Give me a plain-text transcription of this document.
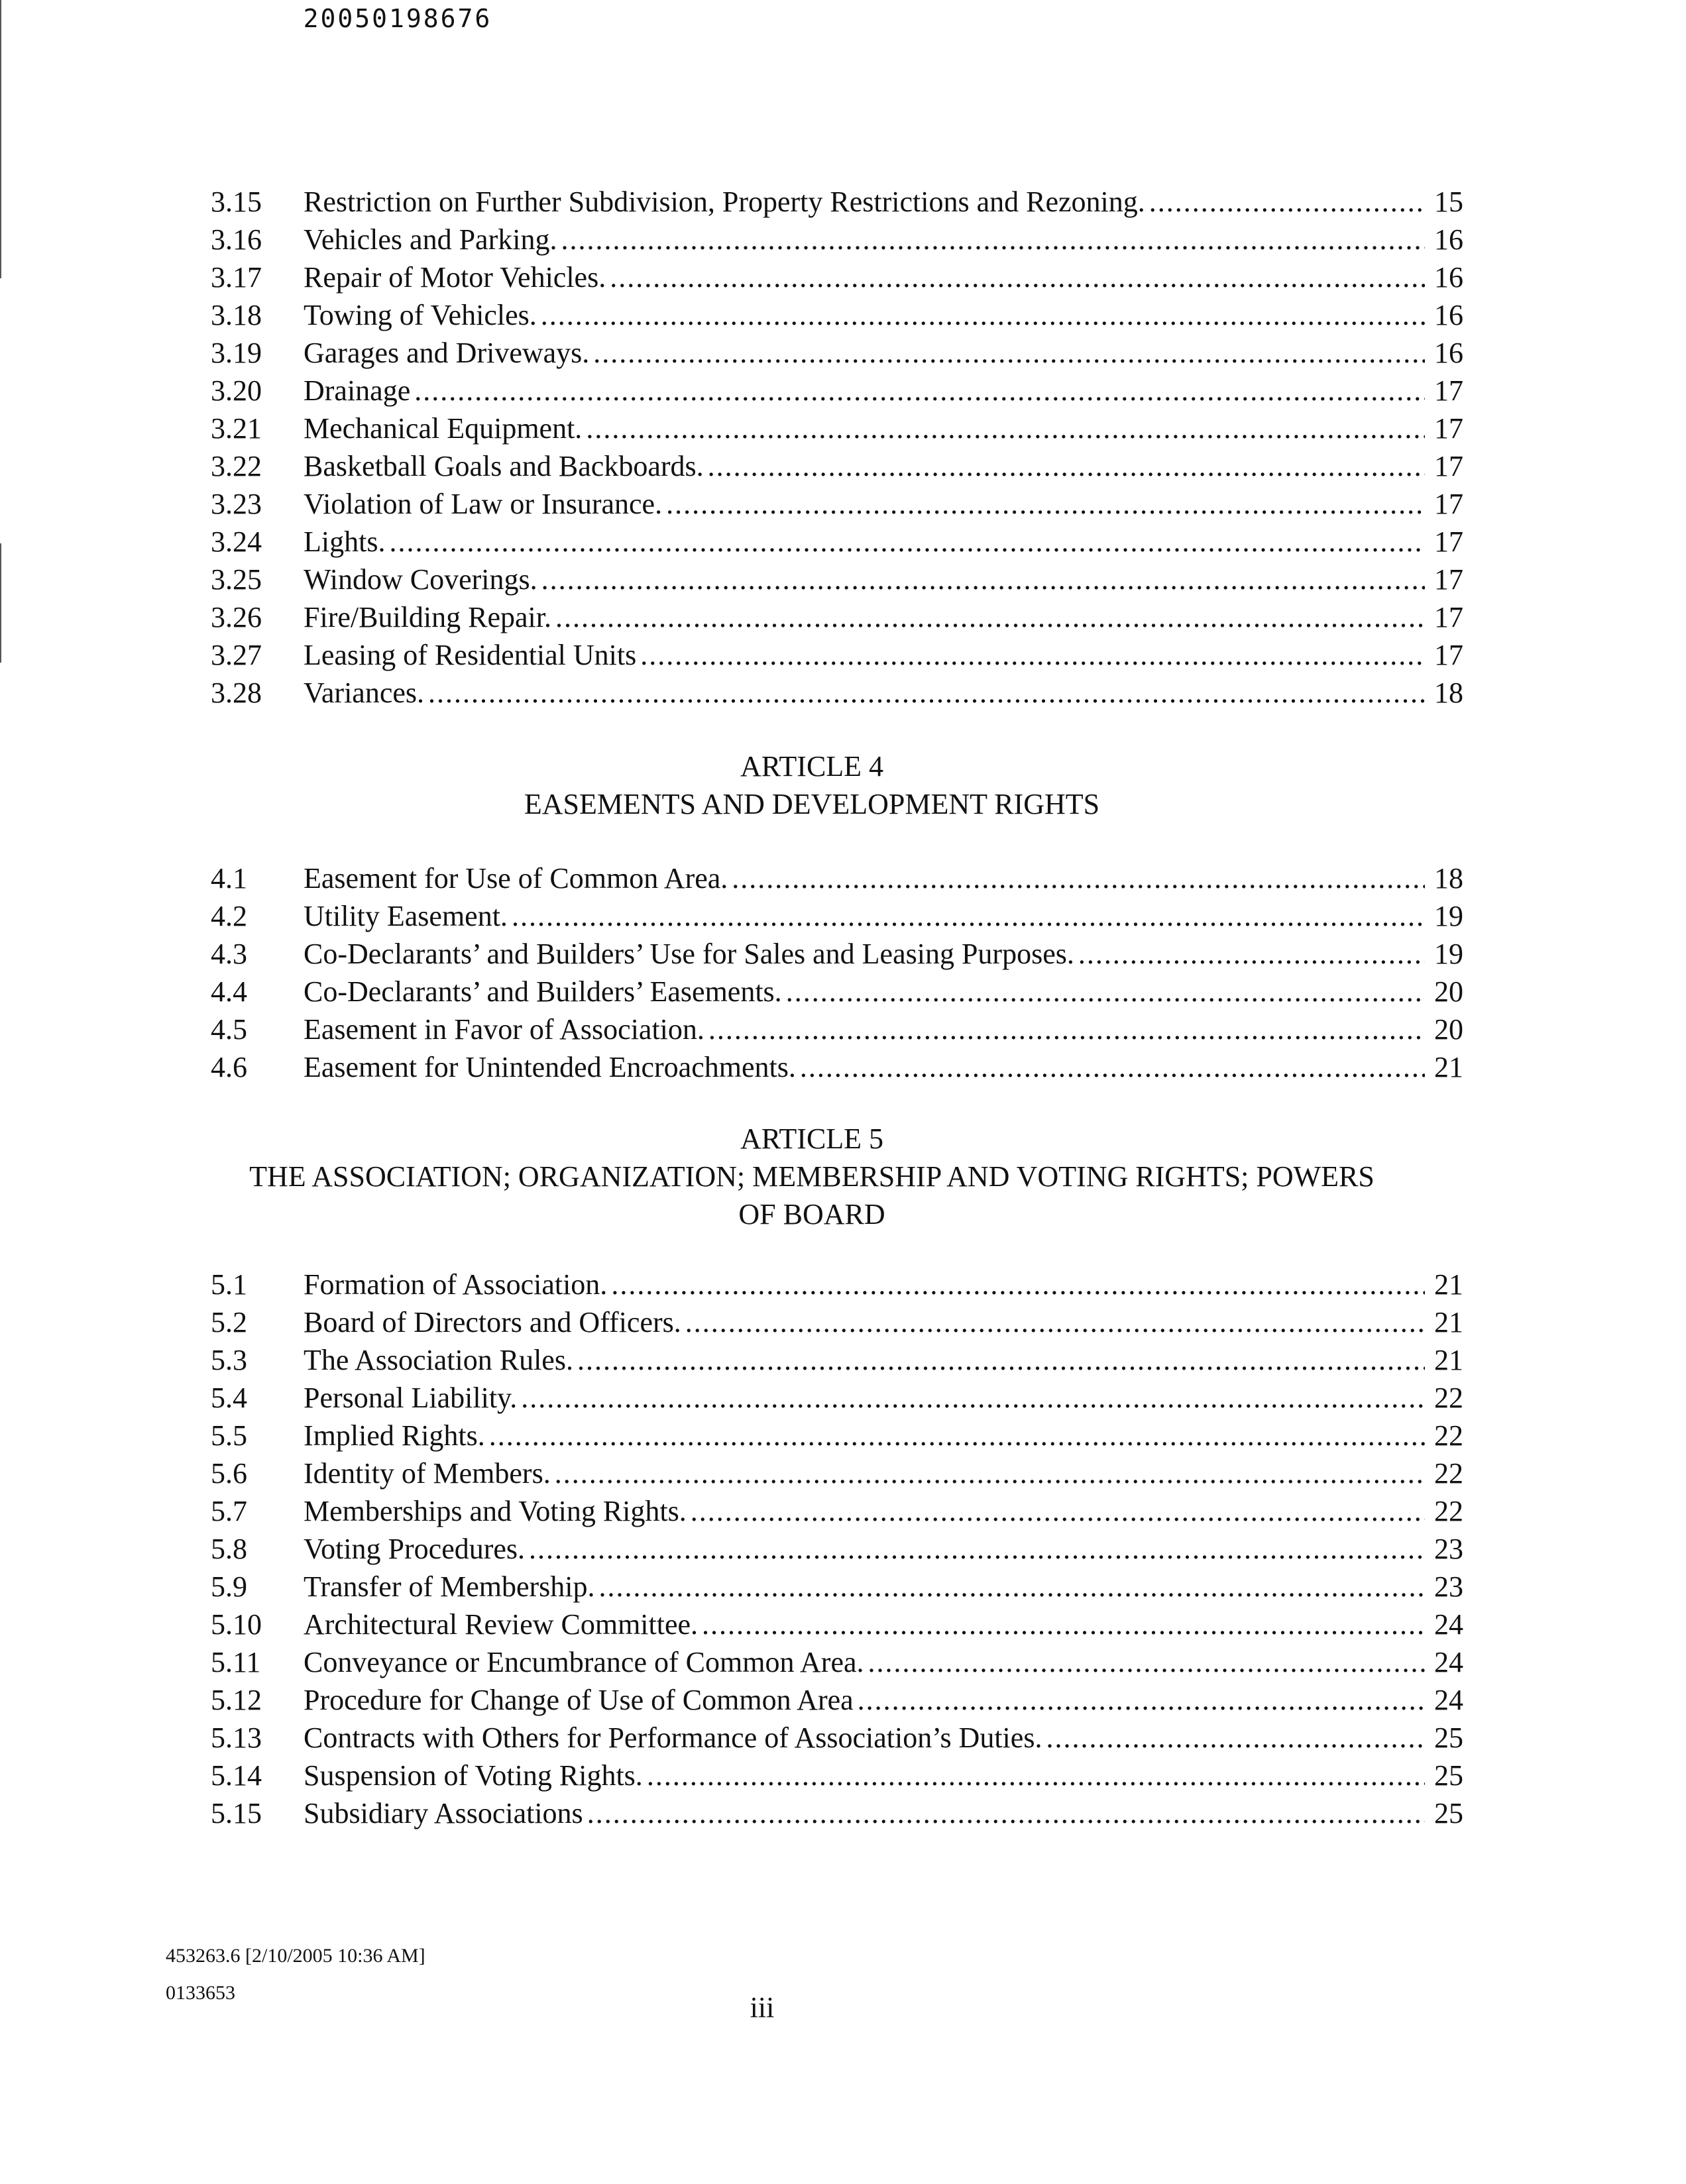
20050198676
3.15	Restriction on Further Subdivision, Property Restrictions and Rezoning. .....	15
3.16	Vehicles and Parking. .....	16
3.17	Repair of Motor Vehicles. .....	16
3.18	Towing of Vehicles. .....	16
3.19	Garages and Driveways. .....	16
3.20	Drainage .....	17
3.21	Mechanical Equipment. .....	17
3.22	Basketball Goals and Backboards. .....	17
3.23	Violation of Law or Insurance. .....	17
3.24	Lights. .....	17
3.25	Window Coverings. .....	17
3.26	Fire/Building Repair. .....	17
3.27	Leasing of Residential Units .....	17
3.28	Variances. .....	18
ARTICLE 4
EASEMENTS AND DEVELOPMENT RIGHTS
4.1	Easement for Use of Common Area. .....	18
4.2	Utility Easement. .....	19
4.3	Co-Declarants’ and Builders’ Use for Sales and Leasing Purposes. .....	19
4.4	Co-Declarants’ and Builders’ Easements. .....	20
4.5	Easement in Favor of Association. .....	20
4.6	Easement for Unintended Encroachments. .....	21
ARTICLE 5
THE ASSOCIATION; ORGANIZATION; MEMBERSHIP AND VOTING RIGHTS; POWERS
OF BOARD
5.1	Formation of Association. .....	21
5.2	Board of Directors and Officers. .....	21
5.3	The Association Rules. .....	21
5.4	Personal Liability. .....	22
5.5	Implied Rights. .....	22
5.6	Identity of Members. .....	22
5.7	Memberships and Voting Rights. .....	22
5.8	Voting Procedures. .....	23
5.9	Transfer of Membership. .....	23
5.10	Architectural Review Committee. .....	24
5.11	Conveyance or Encumbrance of Common Area. .....	24
5.12	Procedure for Change of Use of Common Area .....	24
5.13	Contracts with Others for Performance of Association’s Duties. .....	25
5.14	Suspension of Voting Rights. .....	25
5.15	Subsidiary Associations .....	25
453263.6 [2/10/2005 10:36 AM]
0133653	iii
